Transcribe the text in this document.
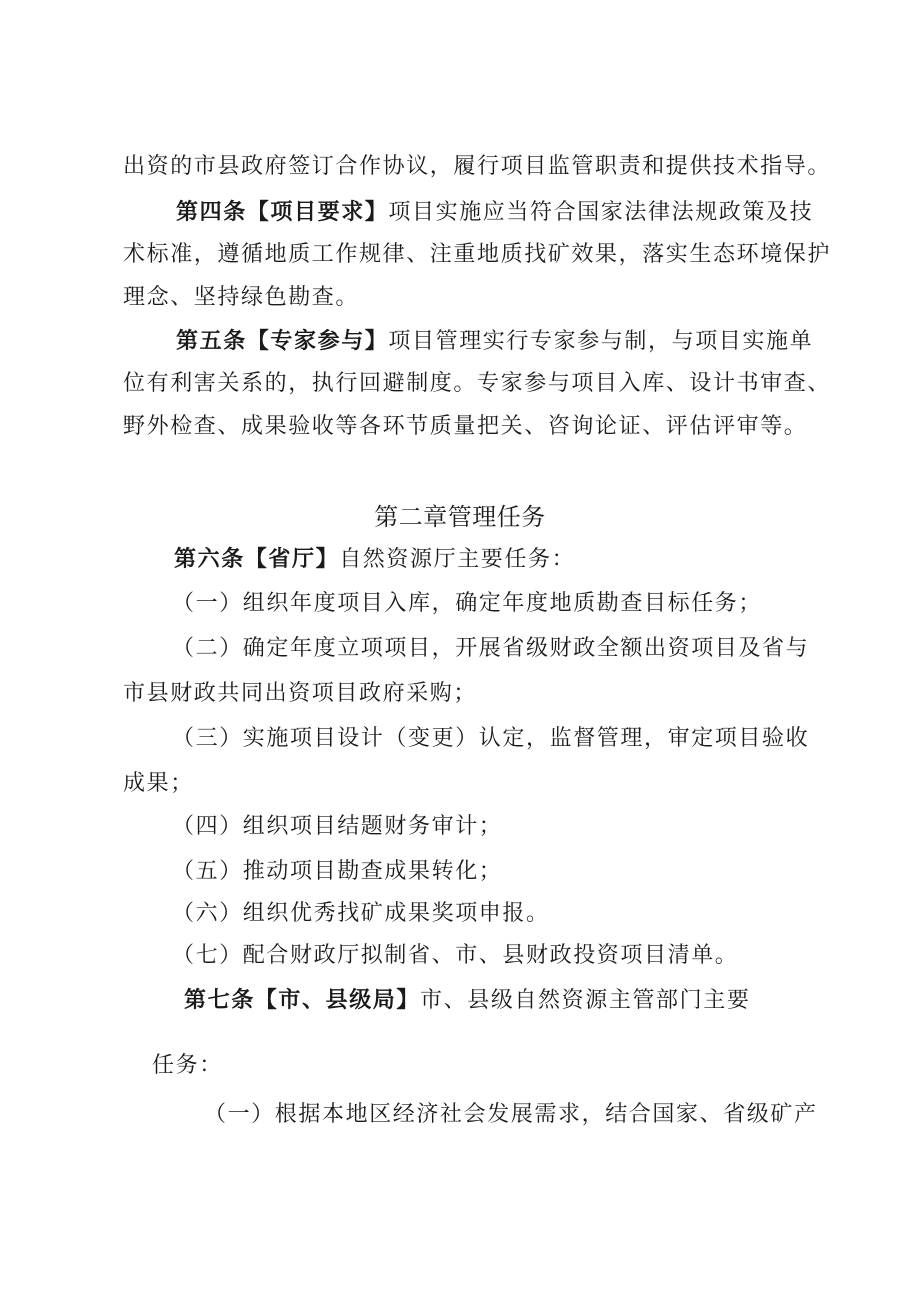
出资的市县政府签订合作协议，履行项目监管职责和提供技术指导。
第四条【项目要求】项目实施应当符合国家法律法规政策及技
术标准，遵循地质工作规律、注重地质找矿效果，落实生态环境保护
理念、坚持绿色勘查。
第五条【专家参与】项目管理实行专家参与制，与项目实施单
位有利害关系的，执行回避制度。专家参与项目入库、设计书审查、
野外检查、成果验收等各环节质量把关、咨询论证、评估评审等。
第二章管理任务
第六条【省厅】自然资源厅主要任务：
（一）组织年度项目入库，确定年度地质勘查目标任务；
（二）确定年度立项项目，开展省级财政全额出资项目及省与
市县财政共同出资项目政府采购；
（三）实施项目设计（变更）认定，监督管理，审定项目验收
成果；
（四）组织项目结题财务审计；
（五）推动项目勘查成果转化；
（六）组织优秀找矿成果奖项申报。
（七）配合财政厅拟制省、市、县财政投资项目清单。
第七条【市、县级局】市、县级自然资源主管部门主要
任务：
（一）根据本地区经济社会发展需求，结合国家、省级矿产
